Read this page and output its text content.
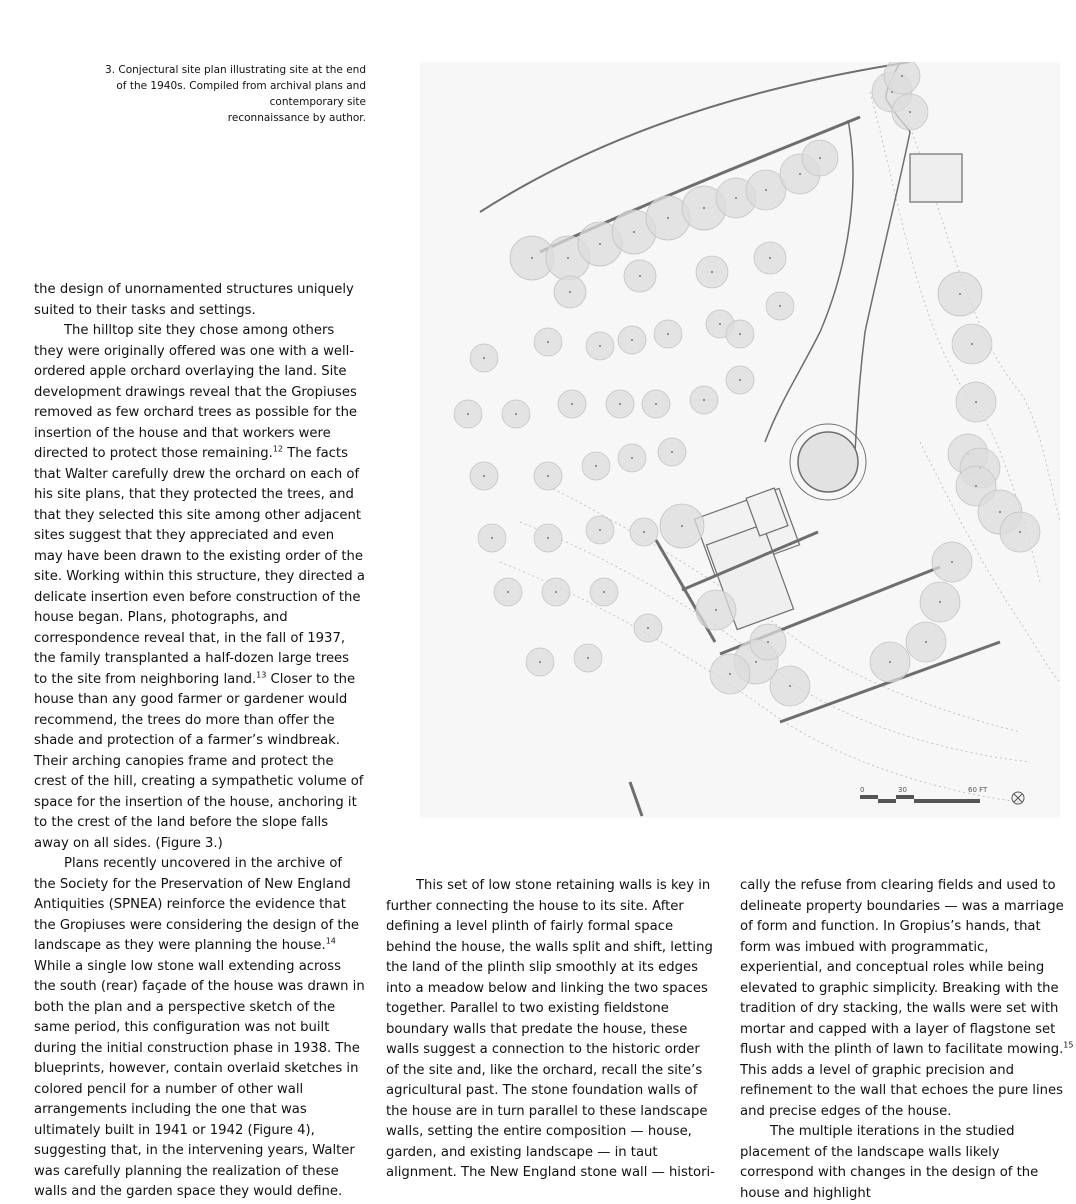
3. Conjectural site plan illustrating site at the end

of the 1940s. Compiled from archival plans and contemporary site

reconnaissance by author.

0	30	60 FT

the design of unornamented structures uniquely suited to their tasks and settings.

The hilltop site they chose among others they were originally offered was one with a well-ordered apple orchard overlaying the land. Site development drawings reveal that the Gropiuses removed as few orchard trees as possible for the insertion of the house and that workers were directed to protect those remaining.$^{12}$ The facts that Walter carefully drew the orchard on each of his site plans, that they protected the trees, and that they selected this site among other adjacent sites suggest that they appreciated and even may have been drawn to the existing order of the site. Working within this structure, they directed a delicate insertion even before construction of the house began. Plans, photographs, and correspondence reveal that, in the fall of 1937, the family transplanted a half-dozen large trees to the site from neighboring land.$^{13}$ Closer to the house than any good farmer or gardener would recommend, the trees do more than offer the shade and protection of a farmer’s windbreak. Their arching canopies frame and protect the crest of the hill, creating a sympathetic volume of space for the insertion of the house, anchoring it to the crest of the land before the slope falls away on all sides. (Figure 3.)

Plans recently uncovered in the archive of the Society for the Preservation of New England Antiquities (SPNEA) reinforce the evidence that the Gropiuses were considering the design of the landscape as they were planning the house.$^{14}$ While a single low stone wall extending across the south (rear) façade of the house was drawn in both the plan and a perspective sketch of the same period, this configuration was not built during the initial construction phase in 1938. The blueprints, however, contain overlaid sketches in colored pencil for a number of other wall arrangements including the one that was ultimately built in 1941 or 1942 (Figure 4), suggesting that, in the intervening years, Walter was carefully planning the realization of these walls and the garden space they would define.

This set of low stone retaining walls is key in further connecting the house to its site. After defining a level plinth of fairly formal space behind the house, the walls split and shift, letting the land of the plinth slip smoothly at its edges into a meadow below and linking the two spaces together. Parallel to two existing fieldstone boundary walls that predate the house, these walls suggest a connection to the historic order of the site and, like the orchard, recall the site’s agricultural past. The stone foundation walls of the house are in turn parallel to these landscape walls, setting the entire composition — house, garden, and existing landscape — in taut alignment. The New England stone wall — histori-

cally the refuse from clearing fields and used to delineate property boundaries — was a marriage of form and function. In Gropius’s hands, that form was imbued with programmatic, experiential, and conceptual roles while being elevated to graphic simplicity. Breaking with the tradition of dry stacking, the walls were set with mortar and capped with a layer of flagstone set flush with the plinth of lawn to facilitate mowing.$^{15}$ This adds a level of graphic precision and refinement to the wall that echoes the pure lines and precise edges of the house.

The multiple iterations in the studied placement of the landscape walls likely correspond with changes in the design of the house and highlight
